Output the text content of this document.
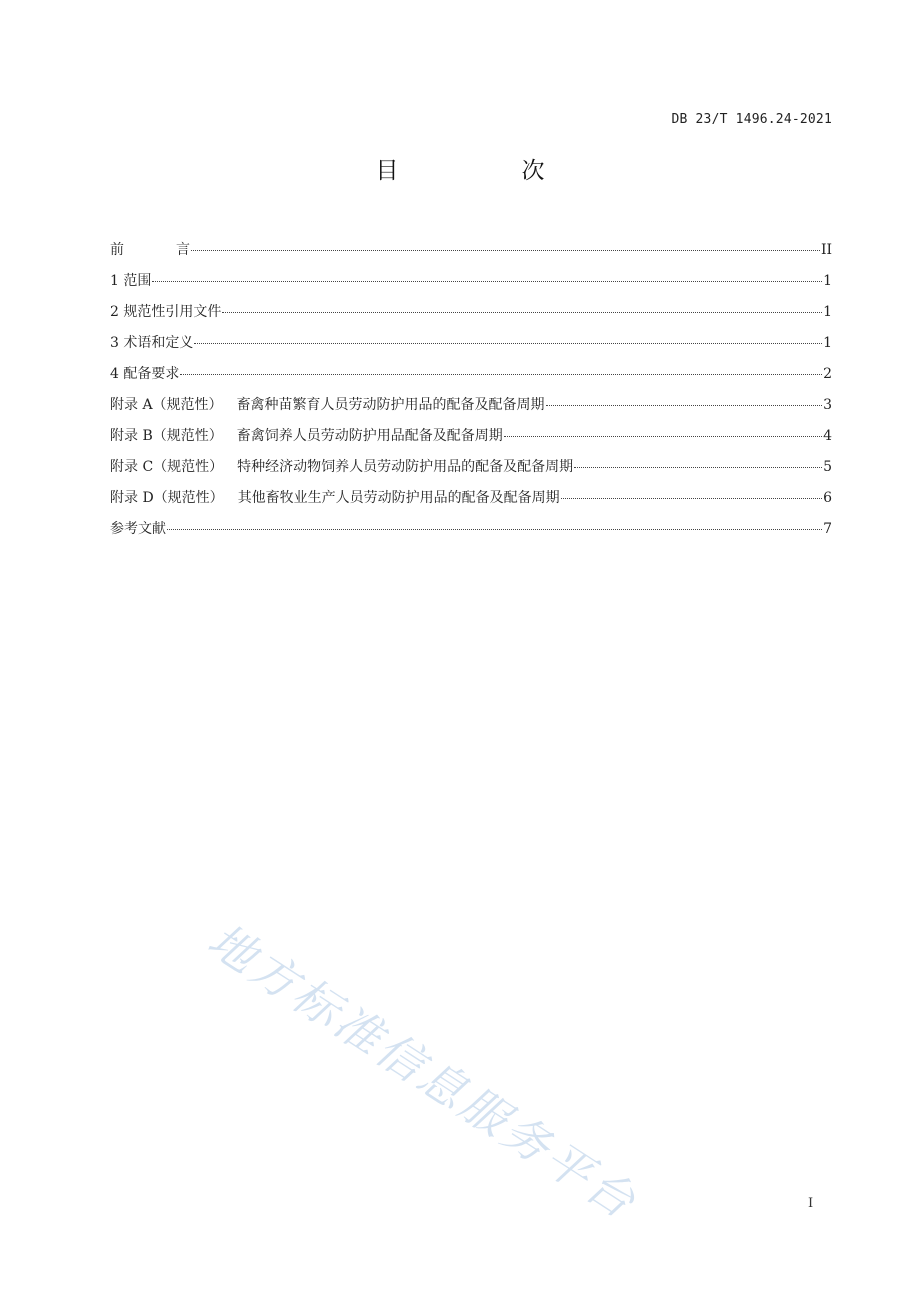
DB 23/T 1496.24-2021
目　次
前	言	II
1 范围	1
2 规范性引用文件	1
3 术语和定义	1
4 配备要求	2
附录 A（规范性） 畜禽种苗繁育人员劳动防护用品的配备及配备周期	3
附录 B（规范性） 畜禽饲养人员劳动防护用品配备及配备周期	4
附录 C（规范性） 特种经济动物饲养人员劳动防护用品的配备及配备周期	5
附录 D（规范性） 其他畜牧业生产人员劳动防护用品的配备及配备周期	6
参考文献	7
地方标准信息服务平台	I
